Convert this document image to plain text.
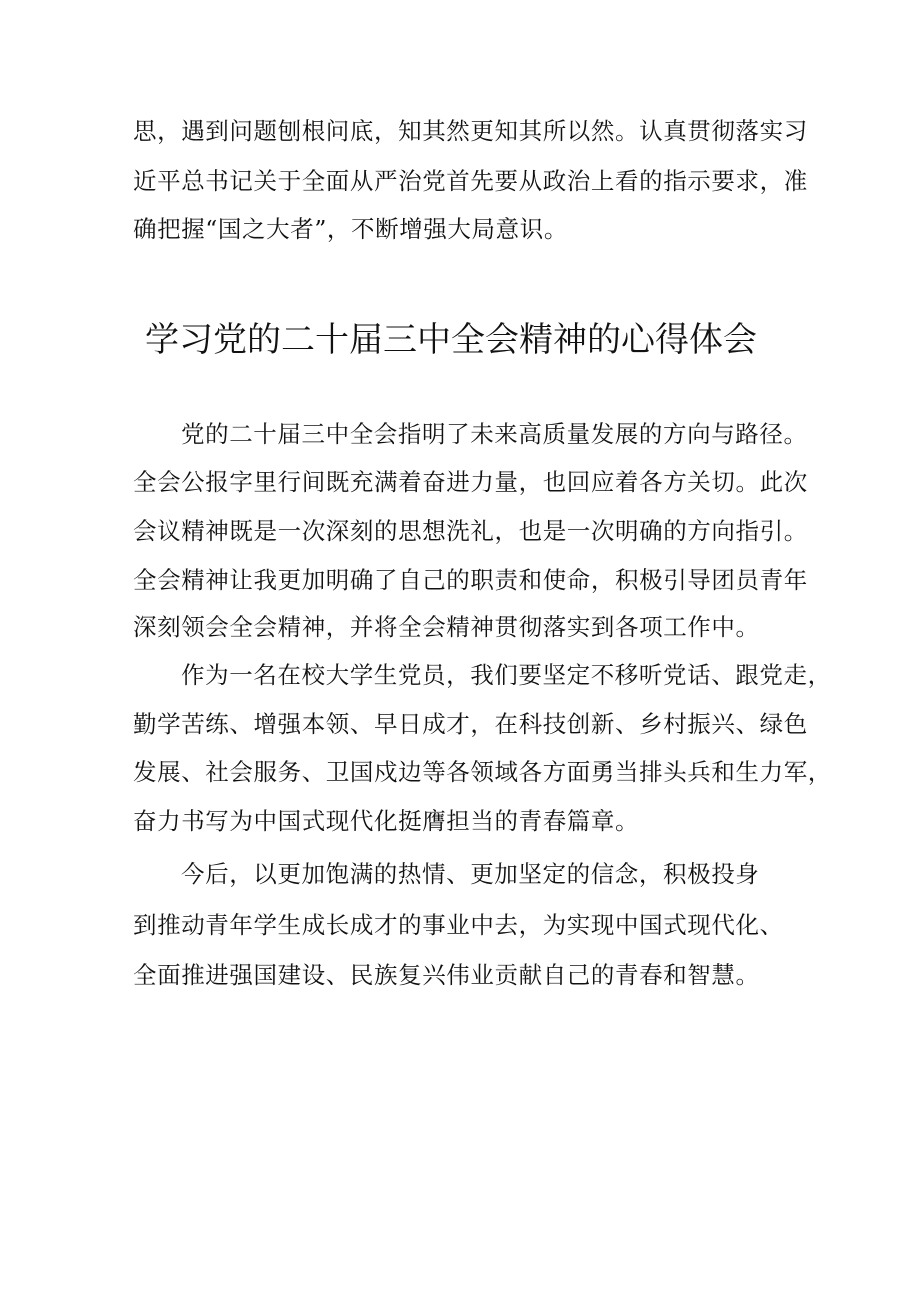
思，遇到问题刨根问底，知其然更知其所以然。认真贯彻落实习
近平总书记关于全面从严治党首先要从政治上看的指示要求，准
确把握“国之大者”，不断增强大局意识。
学习党的二十届三中全会精神的心得体会
党的二十届三中全会指明了未来高质量发展的方向与路径。
全会公报字里行间既充满着奋进力量，也回应着各方关切。此次
会议精神既是一次深刻的思想洗礼，也是一次明确的方向指引。
全会精神让我更加明确了自己的职责和使命，积极引导团员青年
深刻领会全会精神，并将全会精神贯彻落实到各项工作中。
作为一名在校大学生党员，我们要坚定不移听党话、跟党走，
勤学苦练、增强本领、早日成才，在科技创新、乡村振兴、绿色
发展、社会服务、卫国戍边等各领域各方面勇当排头兵和生力军，
奋力书写为中国式现代化挺膺担当的青春篇章。
今后，以更加饱满的热情、更加坚定的信念，积极投身
到推动青年学生成长成才的事业中去，为实现中国式现代化、
全面推进强国建设、民族复兴伟业贡献自己的青春和智慧。
